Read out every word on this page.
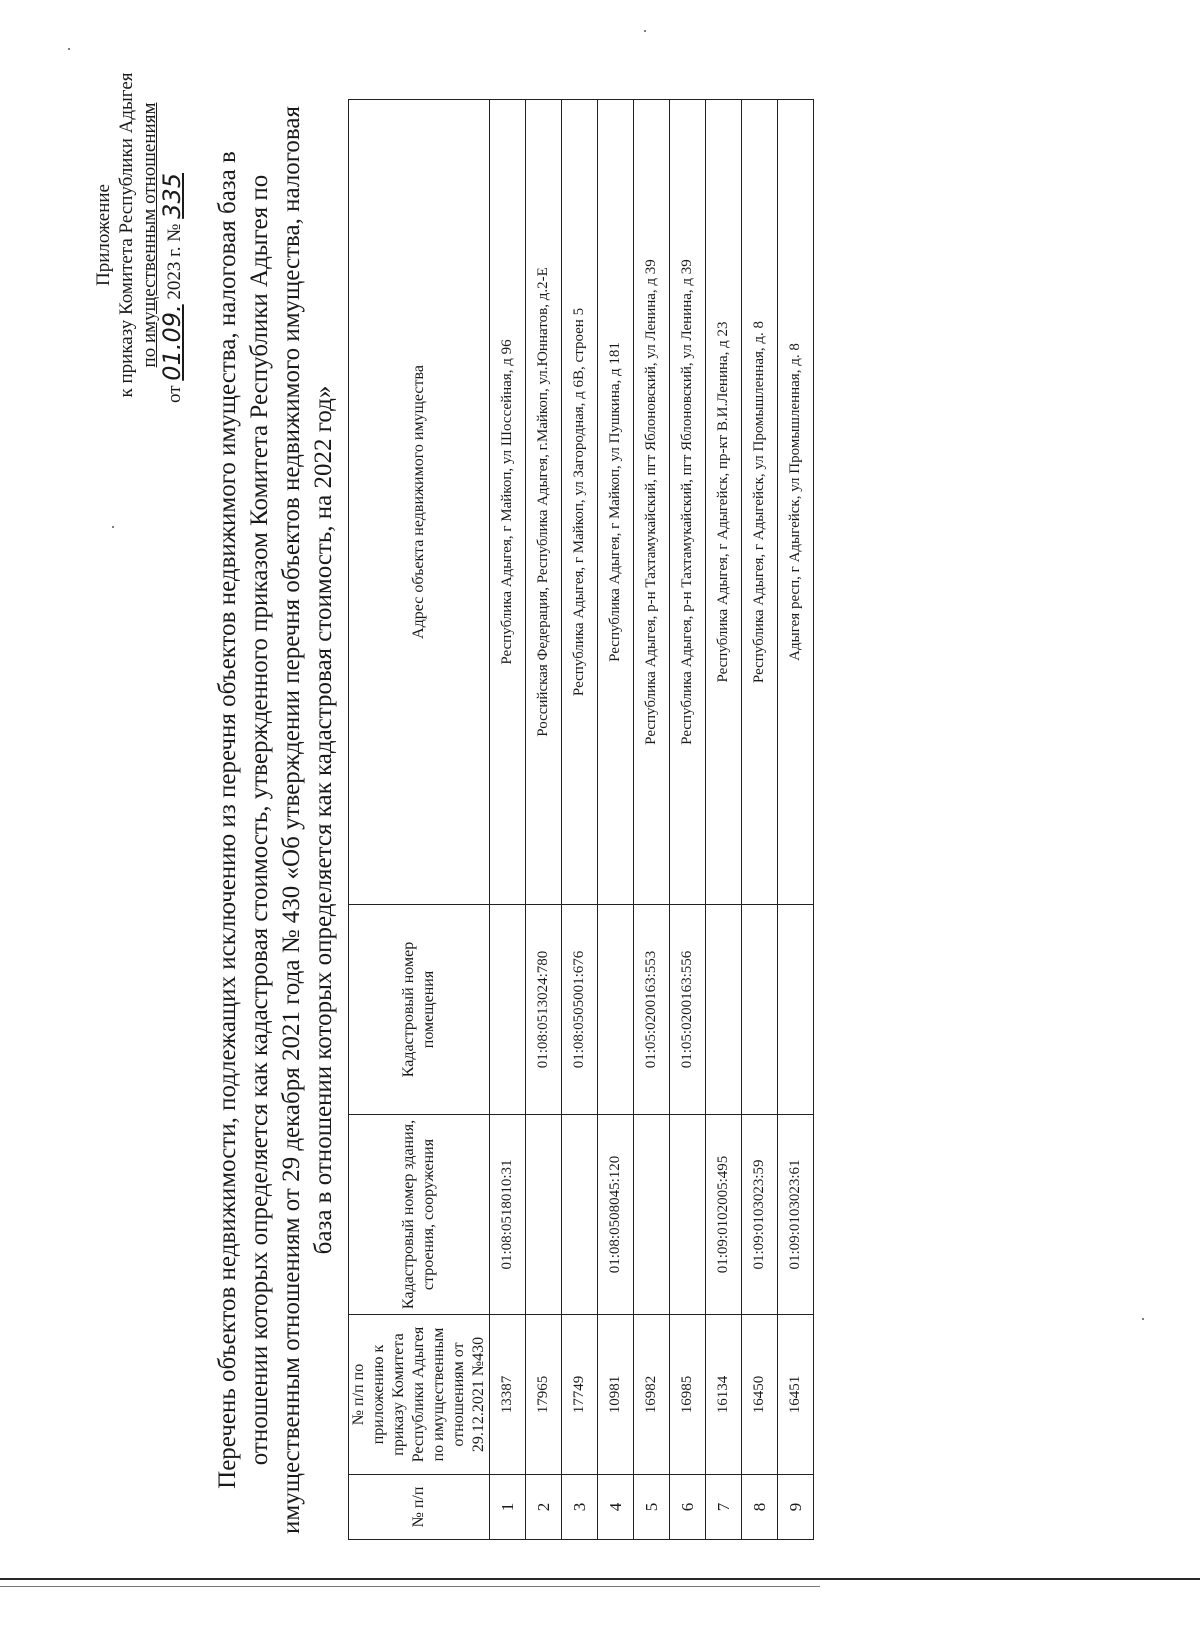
Приложение к приказу Комитета Республики Адыгея по имущественным отношениям
от 01.09. 2023 г. № 335 Перечень объектов недвижимости, подлежащих исключению из перечня объектов недвижимого имущества, налоговая база в отношении которых определяется как кадастровая стоимость, утвержденного приказом Комитета Республики Адыгея по имущественным отношениям от 29 декабря 2021 года № 430 «Об утверждении перечня объектов недвижимого имущества, налоговая база в отношении которых определяется как кадастровая стоимость, на 2022 год»
№ п/п	№ п/п по приложению к приказу Комитета Республики Адыгея по имущественным отношениям от 29.12.2021 №430	Кадастровый номер здания, строения, сооружения	Кадастровый номер помещения	Адрес объекта недвижимого имущества
1	13387	01:08:0518010:31		Республика Адыгея, г Майкоп, ул Шоссейная, д 96
2	17965		01:08:0513024:780	Российская Федерация, Республика Адыгея, г.Майкоп, ул.Юннатов, д.2-Е
3	17749		01:08:0505001:676	Республика Адыгея, г Майкоп, ул Загородная, д 6В, строен 5
4	10981	01:08:0508045:120		Республика Адыгея, г Майкоп, ул Пушкина, д 181
5	16982		01:05:0200163:553	Республика Адыгея, р-н Тахтамукайский, пгт Яблоновский, ул Ленина, д 39
6	16985		01:05:0200163:556	Республика Адыгея, р-н Тахтамукайский, пгт Яблоновский, ул Ленина, д 39
7	16134	01:09:0102005:495		Республика Адыгея, г Адыгейск, пр-кт В.И.Ленина, д 23
8	16450	01:09:0103023:59		Республика Адыгея, г Адыгейск, ул Промышленная, д. 8
9	16451	01:09:0103023:61		Адыгея респ, г Адыгейск, ул Промышленная, д. 8
